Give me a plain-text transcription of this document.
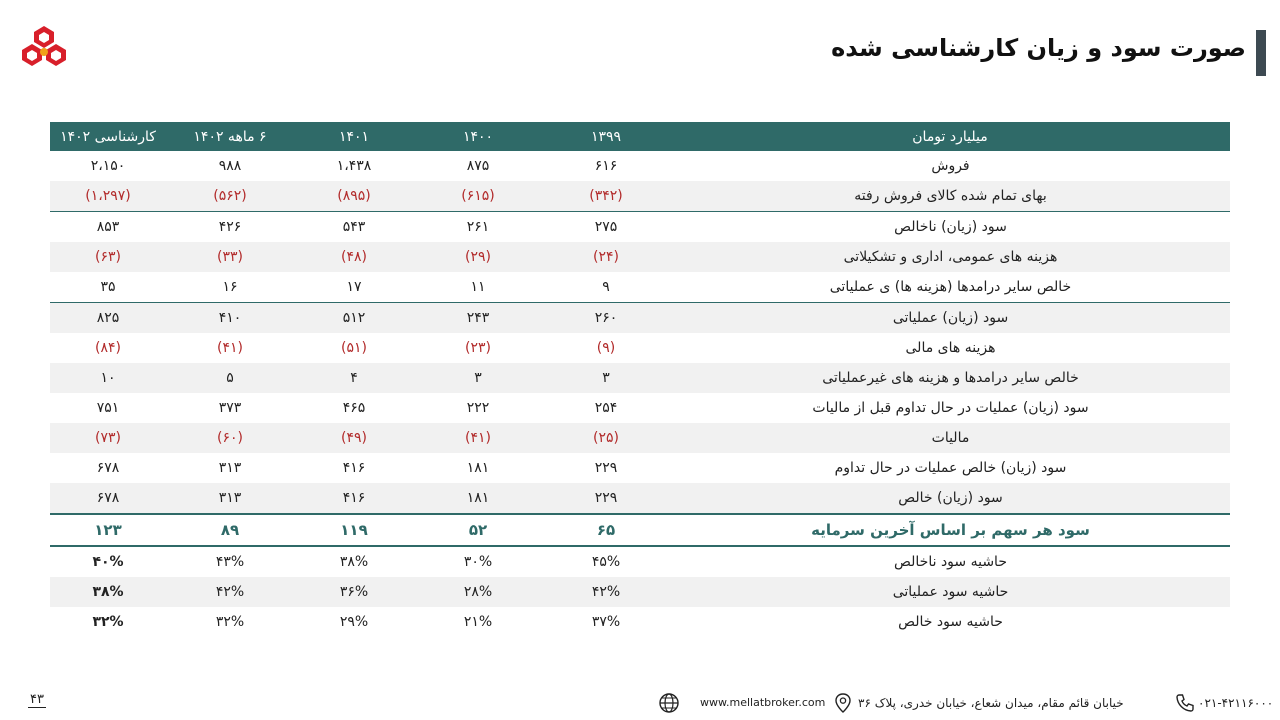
صورت سود و زیان کارشناسی شده
میلیارد تومان	۱۳۹۹	۱۴۰۰	۱۴۰۱	۶ ماهه ۱۴۰۲	کارشناسی ۱۴۰۲
فروش	۶۱۶	۸۷۵	۱،۴۳۸	۹۸۸	۲،۱۵۰
بهای تمام شده کالای فروش رفته	(۳۴۲)	(۶۱۵)	(۸۹۵)	(۵۶۲)	(۱،۲۹۷)
سود (زیان) ناخالص	۲۷۵	۲۶۱	۵۴۳	۴۲۶	۸۵۳
هزینه های عمومی، اداری و تشکیلاتی	(۲۴)	(۲۹)	(۴۸)	(۳۳)	(۶۳)
خالص سایر درامدها (هزینه ها) ی عملیاتی	۹	۱۱	۱۷	۱۶	۳۵
سود (زیان) عملیاتی	۲۶۰	۲۴۳	۵۱۲	۴۱۰	۸۲۵
هزینه های مالی	(۹)	(۲۳)	(۵۱)	(۴۱)	(۸۴)
خالص سایر درامدها و هزینه های غیرعملیاتی	۳	۳	۴	۵	۱۰
سود (زیان) عملیات در حال تداوم قبل از مالیات	۲۵۴	۲۲۲	۴۶۵	۳۷۳	۷۵۱
مالیات	(۲۵)	(۴۱)	(۴۹)	(۶۰)	(۷۳)
سود (زیان) خالص عملیات در حال تداوم	۲۲۹	۱۸۱	۴۱۶	۳۱۳	۶۷۸
سود (زیان) خالص	۲۲۹	۱۸۱	۴۱۶	۳۱۳	۶۷۸
سود هر سهم بر اساس آخرین سرمایه	۶۵	۵۲	۱۱۹	۸۹	۱۲۳
حاشیه سود ناخالص	۴۵%	۳۰%	۳۸%	۴۳%	۴۰%
حاشیه سود عملیاتی	۴۲%	۲۸%	۳۶%	۴۲%	۳۸%
حاشیه سود خالص	۳۷%	۲۱%	۲۹%	۳۲%	۳۲%
۴۳	www.mellatbroker.com	خیابان قائم مقام، میدان شعاع، خیابان خدری، پلاک ۳۶	۰۲۱-۴۲۱۱۶۰۰۰
